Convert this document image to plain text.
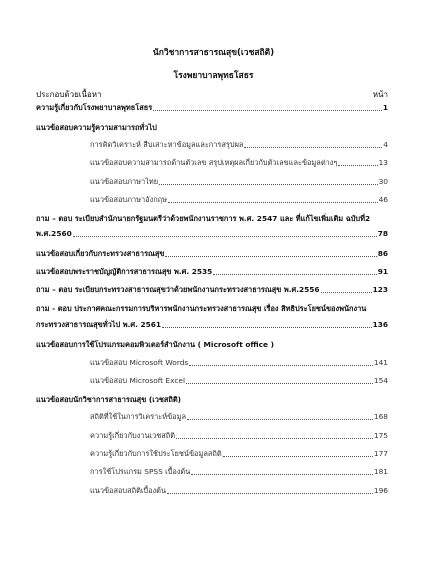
นักวิชาการสาธารณสุข(เวชสถิติ)
โรงพยาบาลพุทธโสธร
ประกอบด้วยเนื้อหา	หน้า
ความรู้เกี่ยวกับโรงพยาบาลพุทธโสธร	1
แนวข้อสอบความรู้ความสามารถทั่วไป
การคิดวิเคราะห์ สืบเสาะหาข้อมูลและการสรุปผล	4
แนวข้อสอบความสามารถด้านตัวเลข สรุปเหตุผลเกี่ยวกับตัวเลขและข้อมูลต่างๆ	13
แนวข้อสอบภาษาไทย	30
แนวข้อสอบภาษาอังกฤษ	46
ถาม – ตอบ ระเบียบสำนักนายกรัฐมนตรีว่าด้วยพนักงานราชการ พ.ศ. 2547 และ ที่แก้ไขเพิ่มเติม ฉบับที่2
พ.ศ.2560	78
แนวข้อสอบเกี่ยวกับกระทรวงสาธารณสุข	86
แนวข้อสอบพระราชบัญญัติการสาธารณสุข พ.ศ. 2535	91
ถาม – ตอบ ระเบียบกระทรวงสาธารณสุขว่าด้วยพนักงานกระทรวงสาธารณสุข พ.ศ.2556	123
ถาม - ตอบ ประกาศคณะกรรมการบริหารพนักงานกระทรวงสาธารณสุข เรื่อง สิทธิประโยชน์ของพนักงาน
กระทรวงสาธารณสุขทั่วไป พ.ศ. 2561	136
แนวข้อสอบการใช้โปรแกรมคอมพิวเตอร์สำนักงาน ( Microsoft office )
แนวข้อสอบ Microsoft Words	141
แนวข้อสอบ Microsoft Excel	154
แนวข้อสอบนักวิชาการสาธารณสุข (เวชสถิติ)
สถิติที่ใช้ในการวิเคราะห์ข้อมูล	168
ความรู้เกี่ยวกับงานเวชสถิติ	175
ความรู้เกี่ยวกับการใช้ประโยชน์ข้อมูลสถิติ	177
การใช้โปรแกรม SPSS เบื้องต้น	181
แนวข้อสอบสถิติเบื้องต้น	196
